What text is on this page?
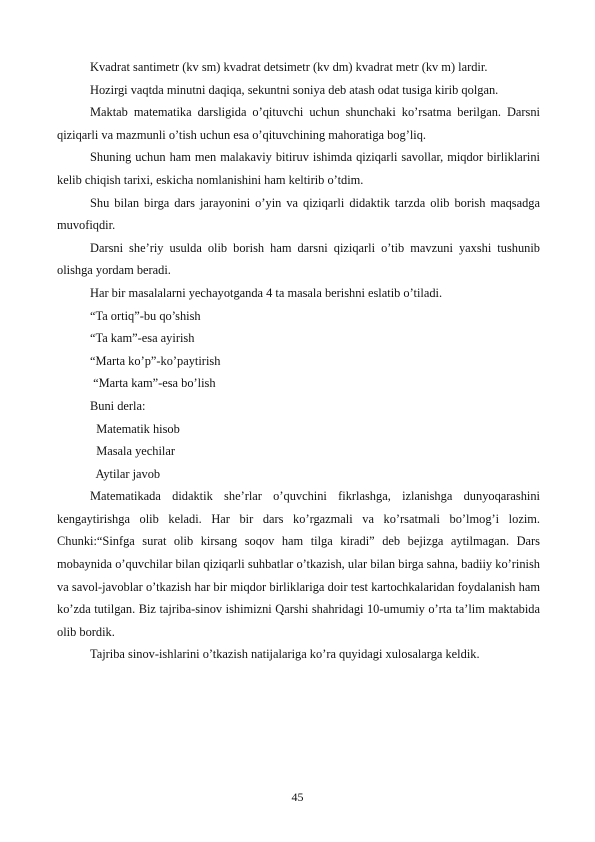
Kvadrat santimetr (kv sm) kvadrat detsimetr (kv dm) kvadrat metr (kv m) lardir.

Hozirgi vaqtda minutni daqiqa, sekuntni soniya deb atash odat tusiga kirib qolgan.

Maktab matematika darsligida o’qituvchi uchun shunchaki ko’rsatma berilgan. Darsni qiziqarli va mazmunli o’tish uchun esa o’qituvchining mahoratiga bog’liq.

Shuning uchun ham men malakaviy bitiruv ishimda qiziqarli savollar, miqdor birliklarini kelib chiqish tarixi, eskicha nomlanishini ham keltirib o’tdim.

Shu bilan birga dars jarayonini o’yin va qiziqarli didaktik tarzda olib borish maqsadga muvofiqdir.

Darsni she’riy usulda olib borish ham darsni qiziqarli o’tib mavzuni yaxshi tushunib olishga yordam beradi.

Har bir masalalarni yechayotganda 4 ta masala berishni eslatib o’tiladi.

“Ta ortiq”-bu qo’shish

“Ta kam”-esa ayirish

“Marta ko’p”-ko’paytirish

“Marta kam”-esa bo’lish

Buni derla:

Matematik hisob

Masala yechilar

Aytilar javob

Matematikada didaktik she’rlar o’quvchini fikrlashga, izlanishga dunyoqarashini kengaytirishga olib keladi. Har bir dars ko’rgazmali va ko’rsatmali bo’lmog’i lozim. Chunki:“Sinfga surat olib kirsang soqov ham tilga kiradi” deb bejizga aytilmagan. Dars mobaynida o’quvchilar bilan qiziqarli suhbatlar o’tkazish, ular bilan birga sahna, badiiy ko’rinish va savol-javoblar o’tkazish har bir miqdor birliklariga doir test kartochkalaridan foydalanish ham ko’zda tutilgan. Biz tajriba-sinov ishimizni Qarshi shahridagi 10-umumiy o’rta ta’lim maktabida olib bordik.

Tajriba sinov-ishlarini o’tkazish natijalariga ko’ra quyidagi xulosalarga keldik.

45
